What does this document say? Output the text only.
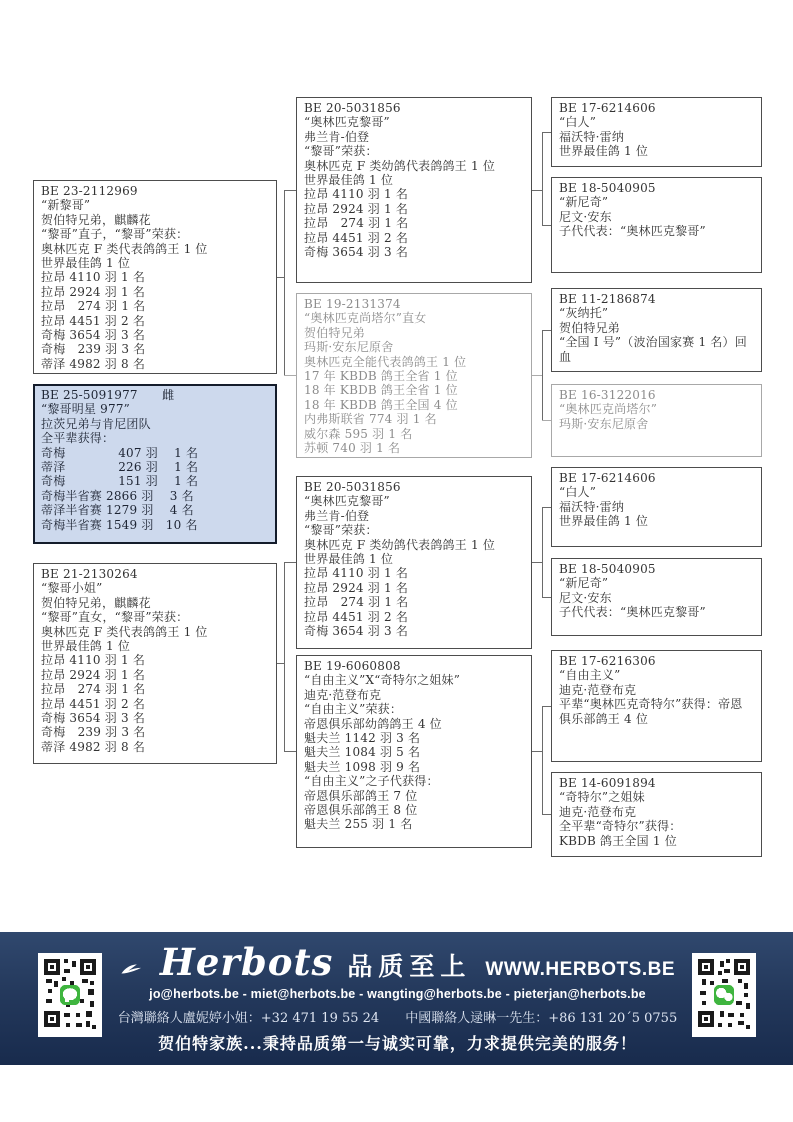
BE 23-2112969
“新黎哥”
贺伯特兄弟，麒麟花
“黎哥”直子，“黎哥”荣获：
奥林匹克 F 类代表鸽鸽王 1 位
世界最佳鸽 1 位
拉昂 4110 羽 1 名
拉昂 2924 羽 1 名
拉昂　274 羽 1 名
拉昂 4451 羽 2 名
奇梅 3654 羽 3 名
奇梅　239 羽 3 名
蒂泽 4982 羽 8 名
BE 25-5091977　　雌
“黎哥明星 977”
拉茨兄弟与肯尼团队
全平辈获得：
奇梅　　　　 407 羽　 1 名
蒂泽　　　　 226 羽　 1 名
奇梅　　　　 151 羽　 1 名
奇梅半省赛 2866 羽　 3 名
蒂泽半省赛 1279 羽　 4 名
奇梅半省赛 1549 羽　10 名
BE 21-2130264
“黎哥小姐”
贺伯特兄弟，麒麟花
“黎哥”直女，“黎哥”荣获：
奥林匹克 F 类代表鸽鸽王 1 位
世界最佳鸽 1 位
拉昂 4110 羽 1 名
拉昂 2924 羽 1 名
拉昂　274 羽 1 名
拉昂 4451 羽 2 名
奇梅 3654 羽 3 名
奇梅　239 羽 3 名
蒂泽 4982 羽 8 名
BE 20-5031856
“奥林匹克黎哥”
弗兰肯-伯登
“黎哥”荣获：
奥林匹克 F 类幼鸽代表鸽鸽王 1 位
世界最佳鸽 1 位
拉昂 4110 羽 1 名
拉昂 2924 羽 1 名
拉昂　274 羽 1 名
拉昂 4451 羽 2 名
奇梅 3654 羽 3 名
BE 19-2131374
“奥林匹克尚塔尔”直女
贺伯特兄弟
玛斯·安东尼原舍
奥林匹克全能代表鸽鸽王 1 位
17 年 KBDB 鸽王全省 1 位
18 年 KBDB 鸽王全省 1 位
18 年 KBDB 鸽王全国 4 位
内弗斯联省 774 羽 1 名
威尔森 595 羽 1 名
苏顿 740 羽 1 名
BE 20-5031856
“奥林匹克黎哥”
弗兰肯-伯登
“黎哥”荣获：
奥林匹克 F 类幼鸽代表鸽鸽王 1 位
世界最佳鸽 1 位
拉昂 4110 羽 1 名
拉昂 2924 羽 1 名
拉昂　274 羽 1 名
拉昂 4451 羽 2 名
奇梅 3654 羽 3 名
BE 19-6060808
“自由主义”X“奇特尔之姐妹”
迪克·范登布克
“自由主义”荣获：
帝恩俱乐部幼鸽鸽王 4 位
魁夫兰 1142 羽 3 名
魁夫兰 1084 羽 5 名
魁夫兰 1098 羽 9 名
“自由主义”之子代获得：
帝恩俱乐部鸽王 7 位
帝恩俱乐部鸽王 8 位
魁夫兰 255 羽 1 名
BE 17-6214606
“白人”
福沃特·雷纳
世界最佳鸽 1 位
BE 18-5040905
“新尼奇”
尼文·安东
子代代表：“奥林匹克黎哥”
BE 11-2186874
“灰纳托”
贺伯特兄弟
“全国 I 号”（波治国家赛 1 名）回血
BE 16-3122016
“奥林匹克尚塔尔”
玛斯·安东尼原舍
BE 17-6214606
“白人”
福沃特·雷纳
世界最佳鸽 1 位
BE 18-5040905
“新尼奇”
尼文·安东
子代代表：“奥林匹克黎哥”
BE 17-6216306
“自由主义”
迪克·范登布克
平辈“奥林匹克奇特尔”获得：帝恩
俱乐部鸽王 4 位
BE 14-6091894
“奇特尔”之姐妹
迪克·范登布克
全平辈“奇特尔”获得：
KBDB 鸽王全国 1 位
Herbots 品质至上 WWW.HERBOTS.BE
jo@herbots.be - miet@herbots.be - wangting@herbots.be - pieterjan@herbots.be
台灣聯絡人盧妮婷小姐：+32 471 19 55 24 中國聯絡人逯晽一先生：+86 131 20´5 0755
贺伯特家族...秉持品质第一与诚实可靠，力求提供完美的服务！
